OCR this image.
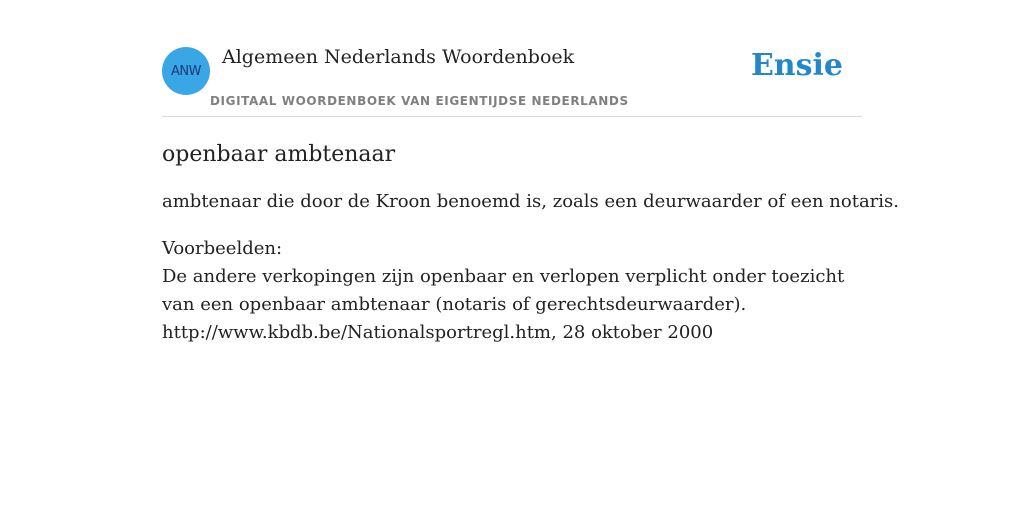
ANW
Algemeen Nederlands Woordenboek
DIGITAAL WOORDENBOEK VAN EIGENTIJDSE NEDERLANDS
Ensie
openbaar ambtenaar

ambtenaar die door de Kroon benoemd is, zoals een deurwaarder of een notaris.

Voorbeelden:
De andere verkopingen zijn openbaar en verlopen verplicht onder toezicht van een openbaar ambtenaar (notaris of gerechtsdeurwaarder).
http://www.kbdb.be/Nationalsportregl.htm, 28 oktober 2000
